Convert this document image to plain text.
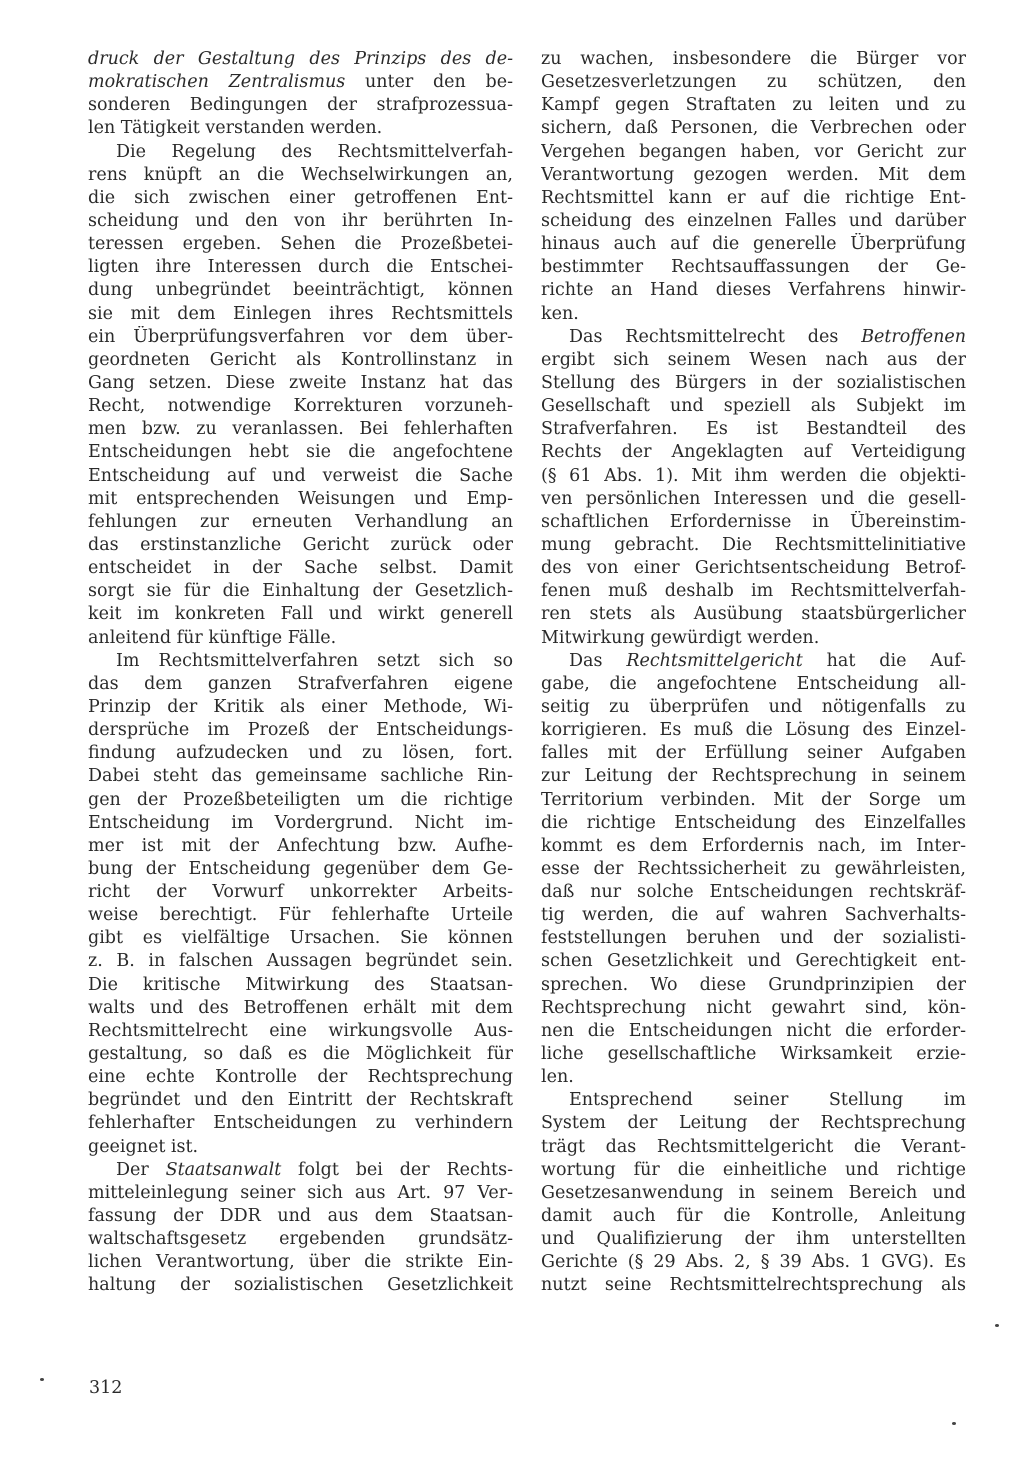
druck der Gestaltung des Prinzips des de-
mokratischen Zentralismus unter den be-
sonderen Bedingungen der strafprozessua-
len Tätigkeit verstanden werden.
Die Regelung des Rechtsmittelverfah-
rens knüpft an die Wechselwirkungen an,
die sich zwischen einer getroffenen Ent-
scheidung und den von ihr berührten In-
teressen ergeben. Sehen die Prozeßbetei-
ligten ihre Interessen durch die Entschei-
dung unbegründet beeinträchtigt, können
sie mit dem Einlegen ihres Rechtsmittels
ein Überprüfungsverfahren vor dem über-
geordneten Gericht als Kontrollinstanz in
Gang setzen. Diese zweite Instanz hat das
Recht, notwendige Korrekturen vorzuneh-
men bzw. zu veranlassen. Bei fehlerhaften
Entscheidungen hebt sie die angefochtene
Entscheidung auf und verweist die Sache
mit entsprechenden Weisungen und Emp-
fehlungen zur erneuten Verhandlung an
das erstinstanzliche Gericht zurück oder
entscheidet in der Sache selbst. Damit
sorgt sie für die Einhaltung der Gesetzlich-
keit im konkreten Fall und wirkt generell
anleitend für künftige Fälle.
Im Rechtsmittelverfahren setzt sich so
das dem ganzen Strafverfahren eigene
Prinzip der Kritik als einer Methode, Wi-
dersprüche im Prozeß der Entscheidungs-
findung aufzudecken und zu lösen, fort.
Dabei steht das gemeinsame sachliche Rin-
gen der Prozeßbeteiligten um die richtige
Entscheidung im Vordergrund. Nicht im-
mer ist mit der Anfechtung bzw. Aufhe-
bung der Entscheidung gegenüber dem Ge-
richt der Vorwurf unkorrekter Arbeits-
weise berechtigt. Für fehlerhafte Urteile
gibt es vielfältige Ursachen. Sie können
z. B. in falschen Aussagen begründet sein.
Die kritische Mitwirkung des Staatsan-
walts und des Betroffenen erhält mit dem
Rechtsmittelrecht eine wirkungsvolle Aus-
gestaltung, so daß es die Möglichkeit für
eine echte Kontrolle der Rechtsprechung
begründet und den Eintritt der Rechtskraft
fehlerhafter Entscheidungen zu verhindern
geeignet ist.
Der Staatsanwalt folgt bei der Rechts-
mitteleinlegung seiner sich aus Art. 97 Ver-
fassung der DDR und aus dem Staatsan-
waltschaftsgesetz ergebenden grundsätz-
lichen Verantwortung, über die strikte Ein-
haltung der sozialistischen Gesetzlichkeit
zu wachen, insbesondere die Bürger vor
Gesetzesverletzungen zu schützen, den
Kampf gegen Straftaten zu leiten und zu
sichern, daß Personen, die Verbrechen oder
Vergehen begangen haben, vor Gericht zur
Verantwortung gezogen werden. Mit dem
Rechtsmittel kann er auf die richtige Ent-
scheidung des einzelnen Falles und darüber
hinaus auch auf die generelle Überprüfung
bestimmter Rechtsauffassungen der Ge-
richte an Hand dieses Verfahrens hinwir-
ken.
Das Rechtsmittelrecht des Betroffenen
ergibt sich seinem Wesen nach aus der
Stellung des Bürgers in der sozialistischen
Gesellschaft und speziell als Subjekt im
Strafverfahren. Es ist Bestandteil des
Rechts der Angeklagten auf Verteidigung
(§ 61 Abs. 1). Mit ihm werden die objekti-
ven persönlichen Interessen und die gesell-
schaftlichen Erfordernisse in Übereinstim-
mung gebracht. Die Rechtsmittelinitiative
des von einer Gerichtsentscheidung Betrof-
fenen muß deshalb im Rechtsmittelverfah-
ren stets als Ausübung staatsbürgerlicher
Mitwirkung gewürdigt werden.
Das Rechtsmittelgericht hat die Auf-
gabe, die angefochtene Entscheidung all-
seitig zu überprüfen und nötigenfalls zu
korrigieren. Es muß die Lösung des Einzel-
falles mit der Erfüllung seiner Aufgaben
zur Leitung der Rechtsprechung in seinem
Territorium verbinden. Mit der Sorge um
die richtige Entscheidung des Einzelfalles
kommt es dem Erfordernis nach, im Inter-
esse der Rechtssicherheit zu gewährleisten,
daß nur solche Entscheidungen rechtskräf-
tig werden, die auf wahren Sachverhalts-
feststellungen beruhen und der sozialisti-
schen Gesetzlichkeit und Gerechtigkeit ent-
sprechen. Wo diese Grundprinzipien der
Rechtsprechung nicht gewahrt sind, kön-
nen die Entscheidungen nicht die erforder-
liche gesellschaftliche Wirksamkeit erzie-
len.
Entsprechend seiner Stellung im
System der Leitung der Rechtsprechung
trägt das Rechtsmittelgericht die Verant-
wortung für die einheitliche und richtige
Gesetzesanwendung in seinem Bereich und
damit auch für die Kontrolle, Anleitung
und Qualifizierung der ihm unterstellten
Gerichte (§ 29 Abs. 2, § 39 Abs. 1 GVG). Es
nutzt seine Rechtsmittelrechtsprechung als
312
